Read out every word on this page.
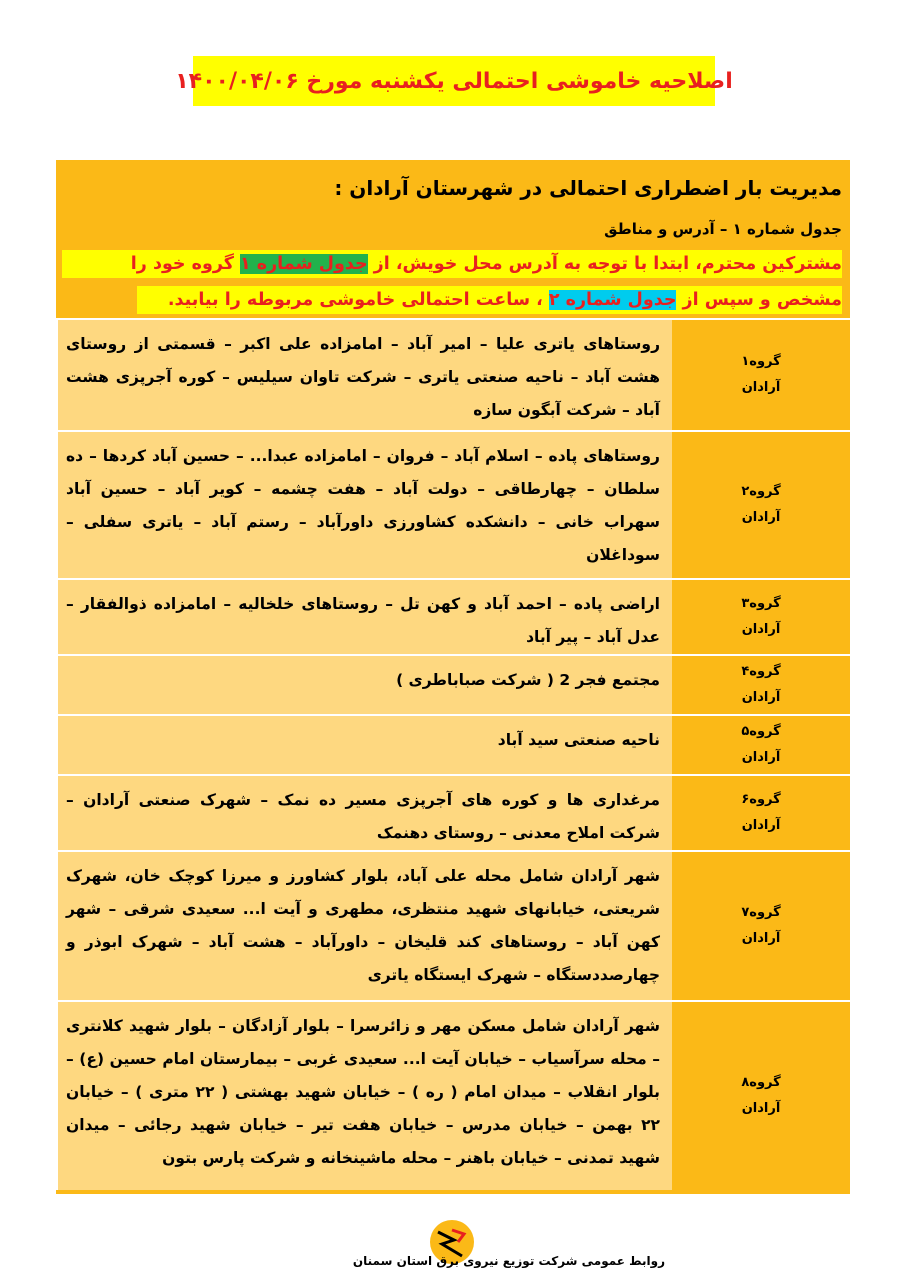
اصلاحیه خاموشی احتمالی یکشنبه مورخ ۱۴۰۰/۰۴/۰۶
مدیریت بار اضطراری احتمالی در شهرستان آرادان :
جدول شماره ۱ – آدرس و مناطق
مشترکین محترم، ابتدا با توجه به آدرس محل خویش، از جدول شماره ۱ گروه خود را
مشخص و سپس از جدول شماره ۲ ، ساعت احتمالی خاموشی مربوطه را بیابید.
گروه۱
آرادان
روستاهای یاتری علیا – امیر آباد – امامزاده علی اکبر – قسمتی از روستای هشت آباد – ناحیه صنعتی یاتری – شرکت تاوان سیلیس – کوره آجرپزی هشت آباد – شرکت آبگون سازه
گروه۲
آرادان
روستاهای پاده – اسلام آباد – فروان – امامزاده عبدا... – حسین آباد کردها – ده سلطان – چهارطاقی – دولت آباد – هفت چشمه – کویر آباد – حسین آباد سهراب خانی – دانشکده کشاورزی داورآباد – رستم آباد – یاتری سفلی – سوداغلان
گروه۳
آرادان
اراضی پاده – احمد آباد و کهن تل – روستاهای خلخالیه – امامزاده ذوالفقار – عدل آباد – پیر آباد
گروه۴
آرادان
مجتمع فجر 2 ( شرکت صباباطری )
گروه۵
آرادان
ناحیه صنعتی سید آباد
گروه۶
آرادان
مرغداری ها و کوره های آجرپزی مسیر ده نمک – شهرک صنعتی آرادان – شرکت املاح معدنی – روستای دهنمک
گروه۷
آرادان
شهر آرادان شامل محله علی آباد، بلوار کشاورز و میرزا کوچک خان، شهرک شریعتی، خیابانهای شهید منتظری، مطهری و آیت ا... سعیدی شرقی – شهر کهن آباد – روستاهای کند قلیخان – داورآباد – هشت آباد – شهرک ابوذر و چهارصددستگاه – شهرک ایستگاه یاتری
گروه۸
آرادان
شهر آرادان شامل مسکن مهر و زائرسرا – بلوار آزادگان – بلوار شهید کلانتری – محله سرآسیاب – خیابان آیت ا... سعیدی غربی – بیمارستان امام حسین (ع) – بلوار انقلاب – میدان امام ( ره ) – خیابان شهید بهشتی ( ۲۲ متری ) – خیابان ۲۲ بهمن – خیابان مدرس – خیابان هفت تیر – خیابان شهید رجائی – میدان شهید تمدنی – خیابان باهنر – محله ماشینخانه و شرکت پارس بتون
روابط عمومی شرکت توزیع نیروی برق استان سمنان
